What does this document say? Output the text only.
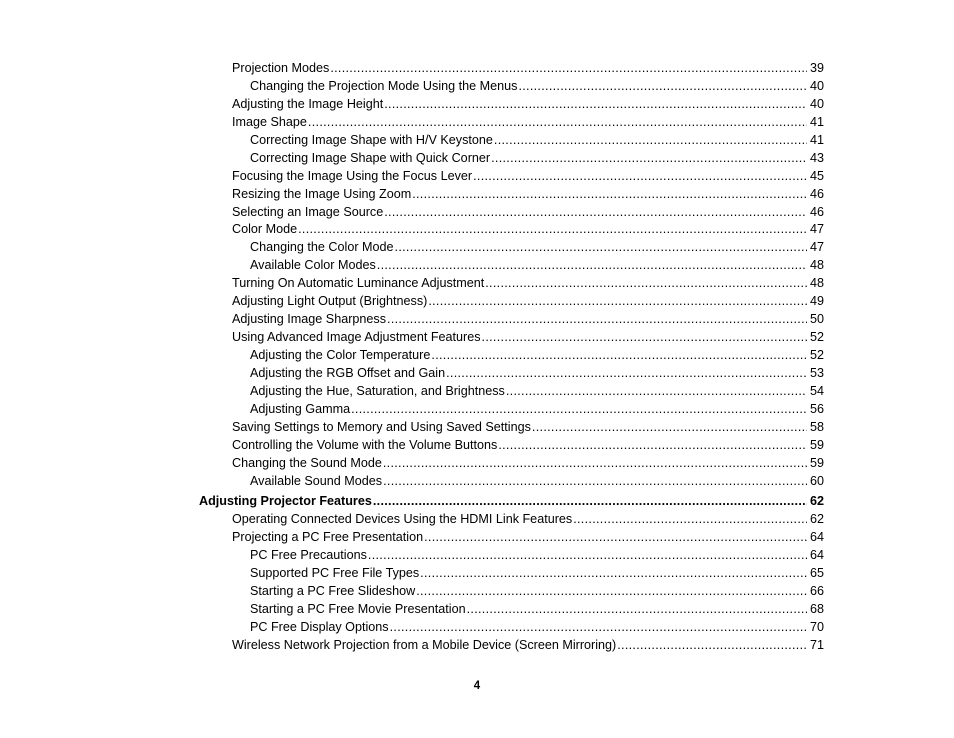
Projection Modes .....	39
Changing the Projection Mode Using the Menus .....	40
Adjusting the Image Height .....	40
Image Shape .....	41
Correcting Image Shape with H/V Keystone .....	41
Correcting Image Shape with Quick Corner .....	43
Focusing the Image Using the Focus Lever .....	45
Resizing the Image Using Zoom .....	46
Selecting an Image Source .....	46
Color Mode .....	47
Changing the Color Mode .....	47
Available Color Modes .....	48
Turning On Automatic Luminance Adjustment .....	48
Adjusting Light Output (Brightness) .....	49
Adjusting Image Sharpness .....	50
Using Advanced Image Adjustment Features .....	52
Adjusting the Color Temperature .....	52
Adjusting the RGB Offset and Gain .....	53
Adjusting the Hue, Saturation, and Brightness .....	54
Adjusting Gamma .....	56
Saving Settings to Memory and Using Saved Settings .....	58
Controlling the Volume with the Volume Buttons .....	59
Changing the Sound Mode .....	59
Available Sound Modes .....	60
Adjusting Projector Features .....	62
Operating Connected Devices Using the HDMI Link Features .....	62
Projecting a PC Free Presentation .....	64
PC Free Precautions .....	64
Supported PC Free File Types .....	65
Starting a PC Free Slideshow .....	66
Starting a PC Free Movie Presentation .....	68
PC Free Display Options .....	70
Wireless Network Projection from a Mobile Device (Screen Mirroring) .....	71
4
